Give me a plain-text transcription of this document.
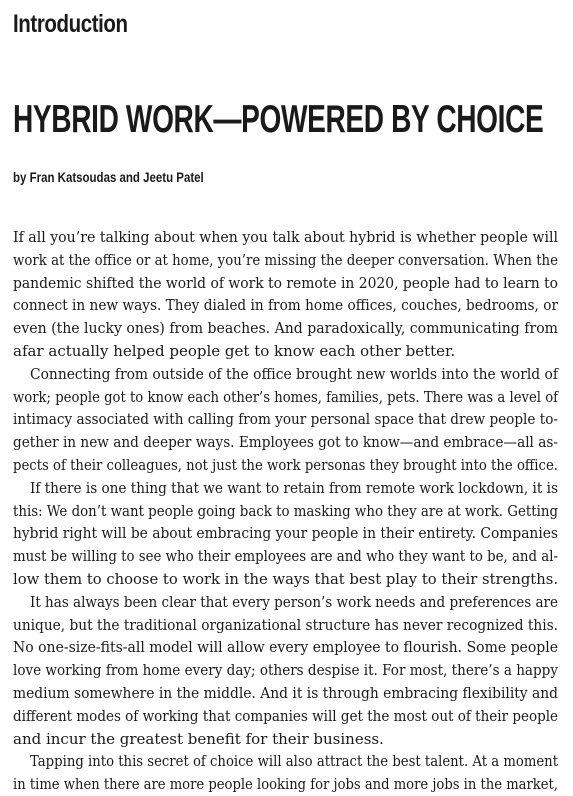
Introduction
HYBRID WORK—POWERED BY CHOICE

by Fran Katsoudas and Jeetu Patel

If all you’re talking about when you talk about hybrid is whether people will
work at the office or at home, you’re missing the deeper conversation. When the
pandemic shifted the world of work to remote in 2020, people had to learn to
connect in new ways. They dialed in from home offices, couches, bedrooms, or
even (the lucky ones) from beaches. And paradoxically, communicating from
afar actually helped people get to know each other better.
Connecting from outside of the office brought new worlds into the world of
work; people got to know each other’s homes, families, pets. There was a level of
intimacy associated with calling from your personal space that drew people to-
gether in new and deeper ways. Employees got to know—and embrace—all as-
pects of their colleagues, not just the work personas they brought into the office.
If there is one thing that we want to retain from remote work lockdown, it is
this: We don’t want people going back to masking who they are at work. Getting
hybrid right will be about embracing your people in their entirety. Companies
must be willing to see who their employees are and who they want to be, and al-
low them to choose to work in the ways that best play to their strengths.
It has always been clear that every person’s work needs and preferences are
unique, but the traditional organizational structure has never recognized this.
No one-size-fits-all model will allow every employee to flourish. Some people
love working from home every day; others despise it. For most, there’s a happy
medium somewhere in the middle. And it is through embracing flexibility and
different modes of working that companies will get the most out of their people
and incur the greatest benefit for their business.
Tapping into this secret of choice will also attract the best talent. At a moment
in time when there are more people looking for jobs and more jobs in the market,
